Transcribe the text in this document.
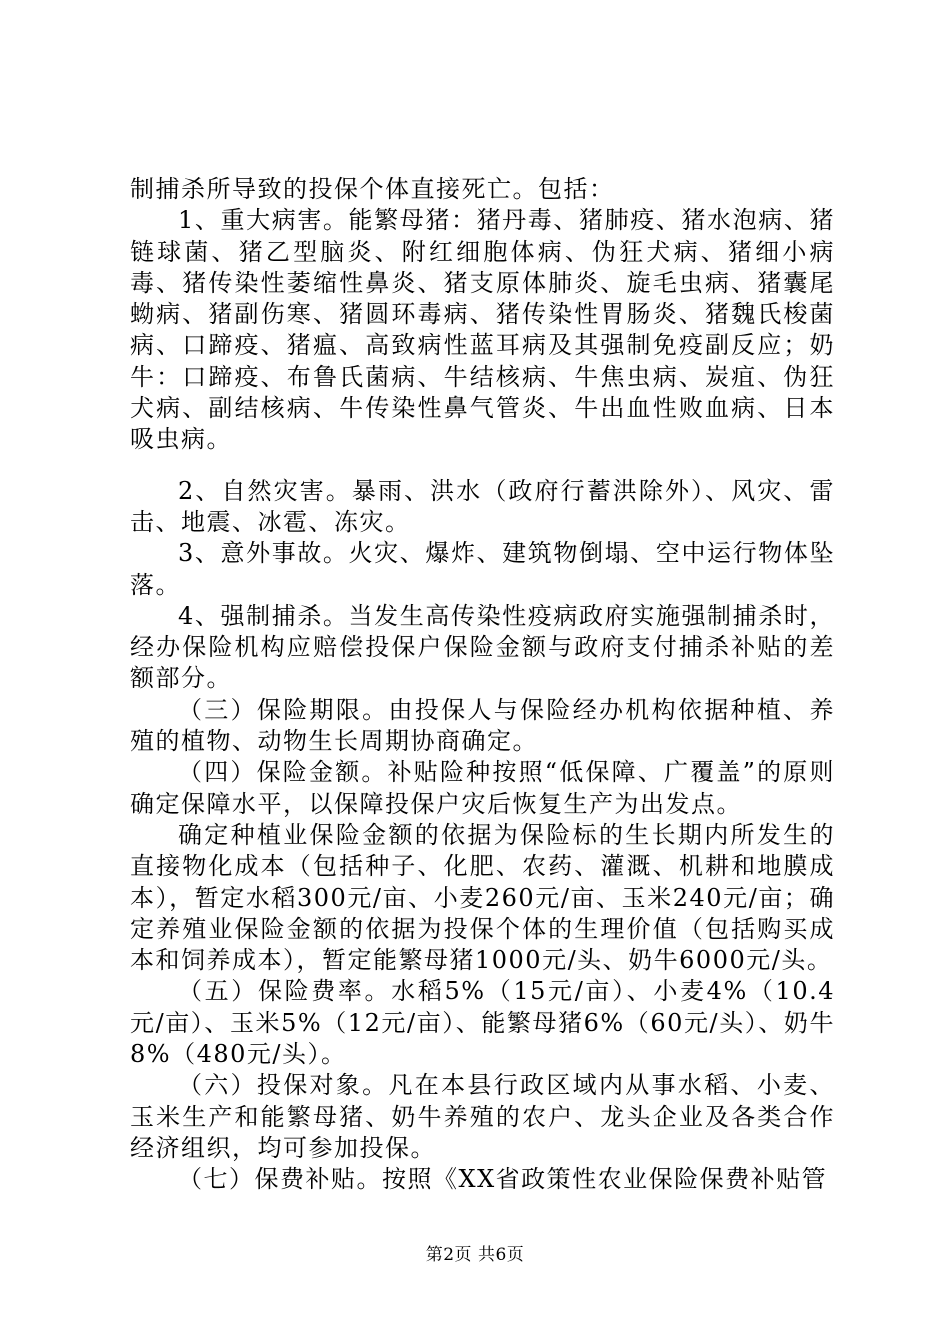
制捕杀所导致的投保个体直接死亡。包括：

1、重大病害。能繁母猪：猪丹毒、猪肺疫、猪水泡病、猪链球菌、猪乙型脑炎、附红细胞体病、伪狂犬病、猪细小病毒、猪传染性萎缩性鼻炎、猪支原体肺炎、旋毛虫病、猪囊尾蚴病、猪副伤寒、猪圆环毒病、猪传染性胃肠炎、猪魏氏梭菌病、口蹄疫、猪瘟、高致病性蓝耳病及其强制免疫副反应；奶牛：口蹄疫、布鲁氏菌病、牛结核病、牛焦虫病、炭疽、伪狂犬病、副结核病、牛传染性鼻气管炎、牛出血性败血病、日本吸虫病。

2、自然灾害。暴雨、洪水（政府行蓄洪除外）、风灾、雷击、地震、冰雹、冻灾。

3、意外事故。火灾、爆炸、建筑物倒塌、空中运行物体坠落。

4、强制捕杀。当发生高传染性疫病政府实施强制捕杀时，经办保险机构应赔偿投保户保险金额与政府支付捕杀补贴的差额部分。

（三）保险期限。由投保人与保险经办机构依据种植、养殖的植物、动物生长周期协商确定。

（四）保险金额。补贴险种按照“低保障、广覆盖”的原则确定保障水平，以保障投保户灾后恢复生产为出发点。

确定种植业保险金额的依据为保险标的生长期内所发生的直接物化成本（包括种子、化肥、农药、灌溉、机耕和地膜成本），暂定水稻300元/亩、小麦260元/亩、玉米240元/亩；确定养殖业保险金额的依据为投保个体的生理价值（包括购买成本和饲养成本），暂定能繁母猪1000元/头、奶牛6000元/头。

（五）保险费率。水稻5%（15元/亩）、小麦4%（10.4元/亩）、玉米5%（12元/亩）、能繁母猪6%（60元/头）、奶牛8%（480元/头）。

（六）投保对象。凡在本县行政区域内从事水稻、小麦、玉米生产和能繁母猪、奶牛养殖的农户、龙头企业及各类合作经济组织，均可参加投保。

（七）保费补贴。按照《XX省政策性农业保险保费补贴管

第2页 共6页
